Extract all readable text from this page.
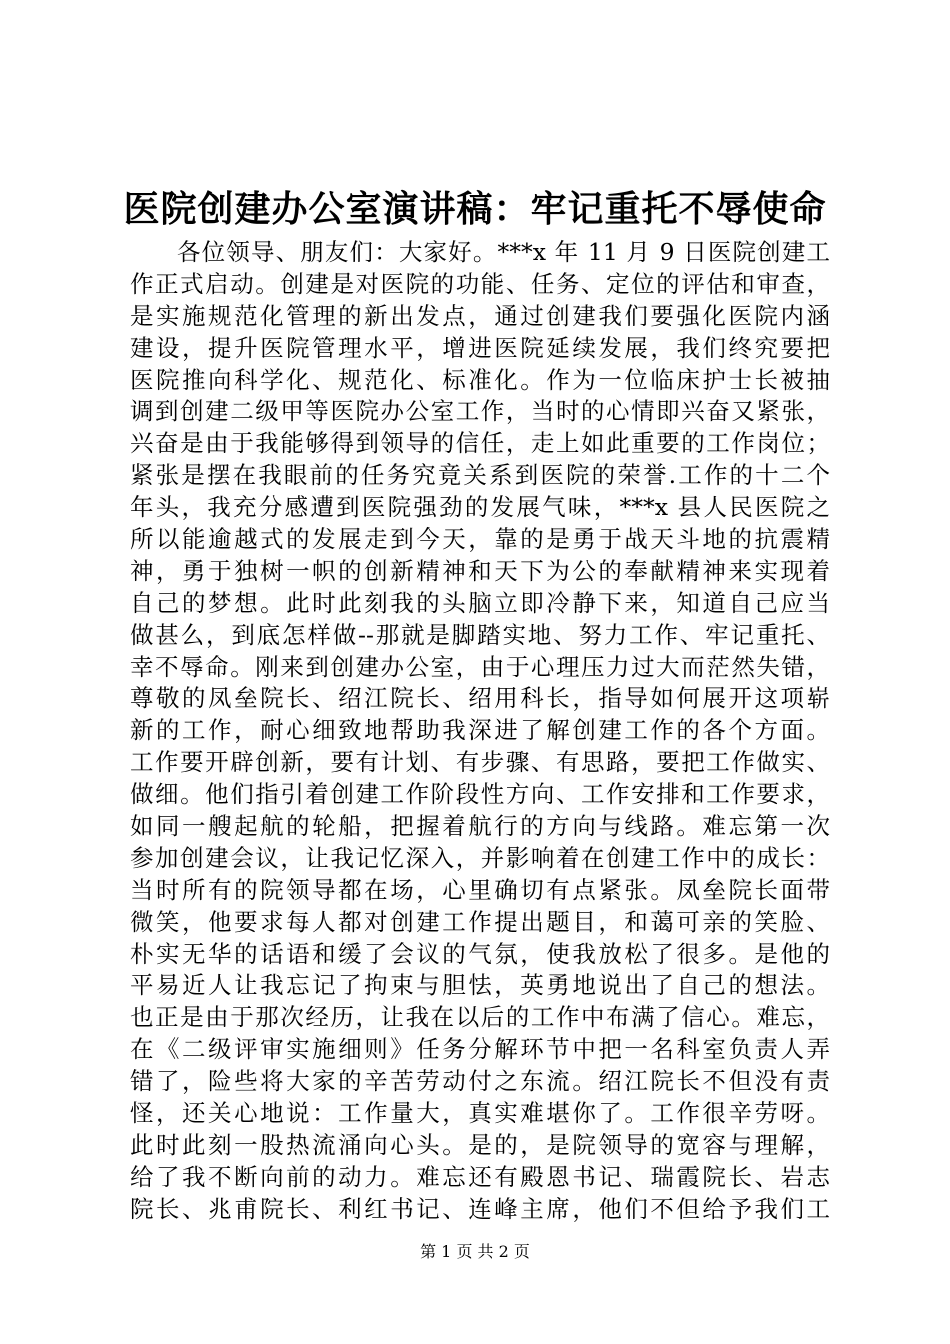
医院创建办公室演讲稿：牢记重托不辱使命
各位领导、朋友们：大家好。***x 年 11 月 9 日医院创建工
作正式启动。创建是对医院的功能、任务、定位的评估和审查，
是实施规范化管理的新出发点，通过创建我们要强化医院内涵
建设，提升医院管理水平，增进医院延续发展，我们终究要把
医院推向科学化、规范化、标准化。作为一位临床护士长被抽
调到创建二级甲等医院办公室工作，当时的心情即兴奋又紧张，
兴奋是由于我能够得到领导的信任，走上如此重要的工作岗位；
紧张是摆在我眼前的任务究竟关系到医院的荣誉.工作的十二个
年头，我充分感遭到医院强劲的发展气味，***x 县人民医院之
所以能逾越式的发展走到今天，靠的是勇于战天斗地的抗震精
神，勇于独树一帜的创新精神和天下为公的奉献精神来实现着
自己的梦想。此时此刻我的头脑立即冷静下来，知道自己应当
做甚么，到底怎样做--那就是脚踏实地、努力工作、牢记重托、
幸不辱命。刚来到创建办公室，由于心理压力过大而茫然失错，
尊敬的凤垒院长、绍江院长、绍用科长，指导如何展开这项崭
新的工作，耐心细致地帮助我深进了解创建工作的各个方面。
工作要开辟创新，要有计划、有步骤、有思路，要把工作做实、
做细。他们指引着创建工作阶段性方向、工作安排和工作要求，
如同一艘起航的轮船，把握着航行的方向与线路。难忘第一次
参加创建会议，让我记忆深入，并影响着在创建工作中的成长：
当时所有的院领导都在场，心里确切有点紧张。凤垒院长面带
微笑，他要求每人都对创建工作提出题目，和蔼可亲的笑脸、
朴实无华的话语和缓了会议的气氛，使我放松了很多。是他的
平易近人让我忘记了拘束与胆怯，英勇地说出了自己的想法。
也正是由于那次经历，让我在以后的工作中布满了信心。难忘，
在《二级评审实施细则》任务分解环节中把一名科室负责人弄
错了，险些将大家的辛苦劳动付之东流。绍江院长不但没有责
怪，还关心地说：工作量大，真实难堪你了。工作很辛劳呀。
此时此刻一股热流涌向心头。是的，是院领导的宽容与理解，
给了我不断向前的动力。难忘还有殿恩书记、瑞霞院长、岩志
院长、兆甫院长、利红书记、连峰主席，他们不但给予我们工
第 1 页 共 2 页
